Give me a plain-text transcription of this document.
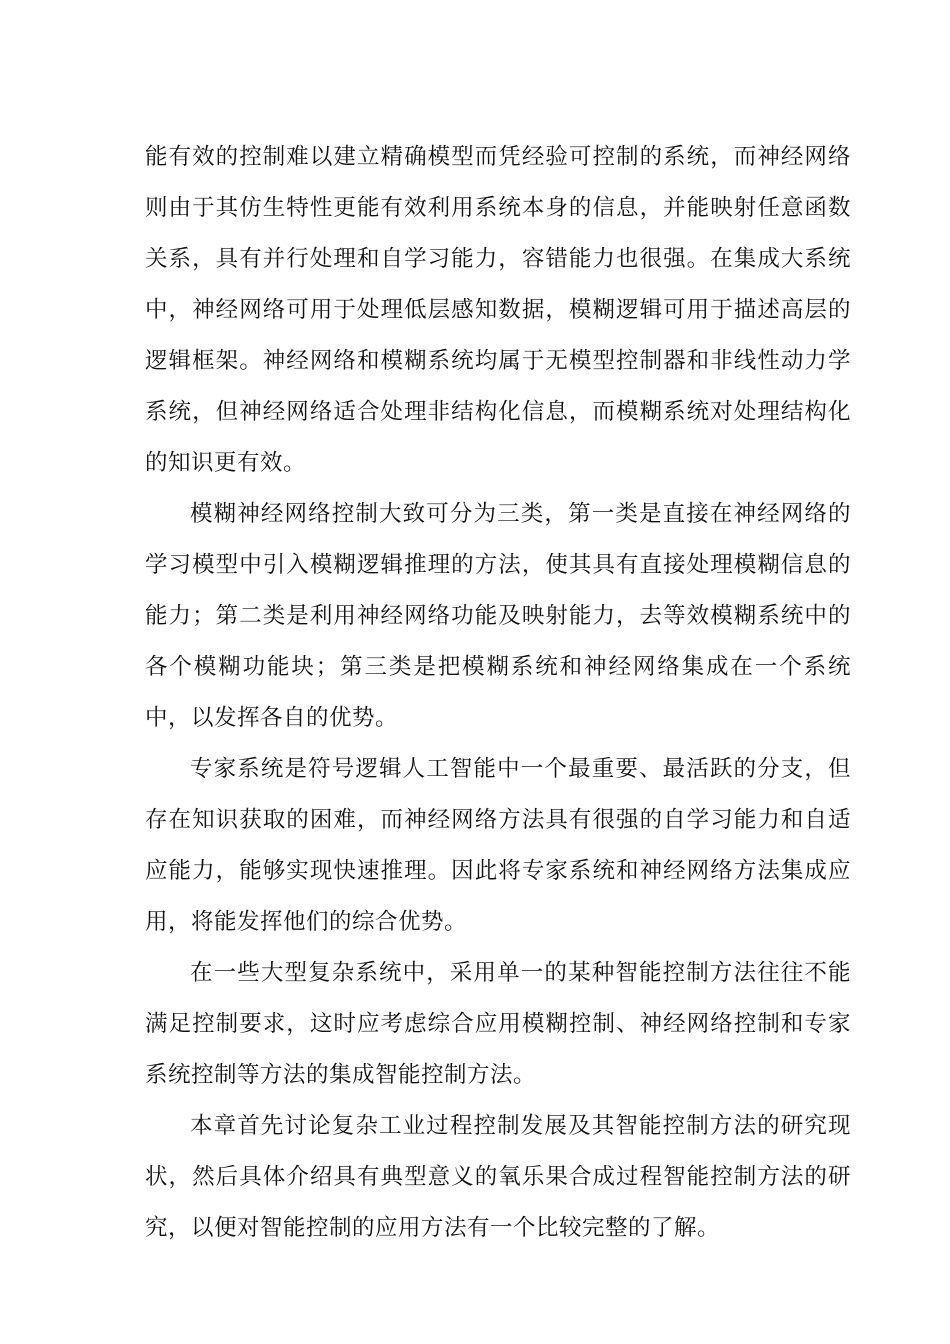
能有效的控制难以建立精确模型而凭经验可控制的系统，而神经网络则由于其仿生特性更能有效利用系统本身的信息，并能映射任意函数关系，具有并行处理和自学习能力，容错能力也很强。在集成大系统中，神经网络可用于处理低层感知数据，模糊逻辑可用于描述高层的逻辑框架。神经网络和模糊系统均属于无模型控制器和非线性动力学系统，但神经网络适合处理非结构化信息，而模糊系统对处理结构化的知识更有效。

模糊神经网络控制大致可分为三类，第一类是直接在神经网络的学习模型中引入模糊逻辑推理的方法，使其具有直接处理模糊信息的能力；第二类是利用神经网络功能及映射能力，去等效模糊系统中的各个模糊功能块；第三类是把模糊系统和神经网络集成在一个系统中，以发挥各自的优势。

专家系统是符号逻辑人工智能中一个最重要、最活跃的分支，但存在知识获取的困难，而神经网络方法具有很强的自学习能力和自适应能力，能够实现快速推理。因此将专家系统和神经网络方法集成应用，将能发挥他们的综合优势。

在一些大型复杂系统中，采用单一的某种智能控制方法往往不能满足控制要求，这时应考虑综合应用模糊控制、神经网络控制和专家系统控制等方法的集成智能控制方法。

本章首先讨论复杂工业过程控制发展及其智能控制方法的研究现状，然后具体介绍具有典型意义的氧乐果合成过程智能控制方法的研究，以便对智能控制的应用方法有一个比较完整的了解。
